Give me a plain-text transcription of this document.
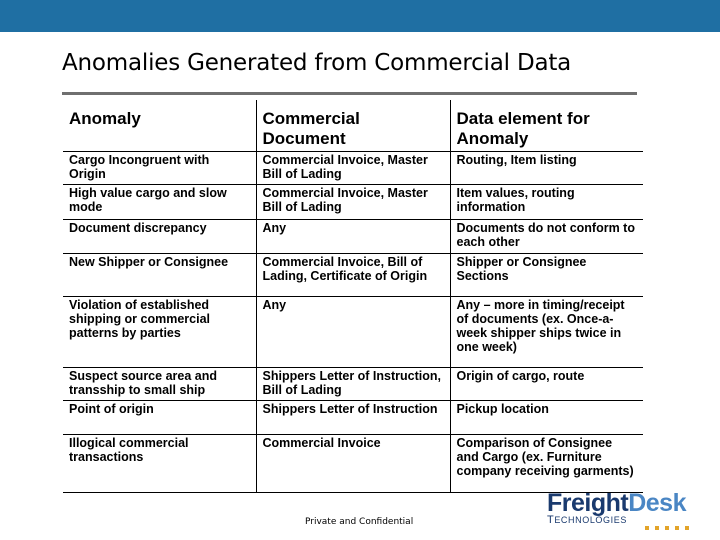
Anomalies Generated from Commercial Data
Anomaly	Commercial Document	Data element for Anomaly
Cargo Incongruent with Origin	Commercial Invoice, Master Bill of Lading	Routing, Item listing
High value cargo and slow mode	Commercial Invoice, Master Bill of Lading	Item values, routing information
Document discrepancy	Any	Documents do not conform to each other
New Shipper or Consignee	Commercial Invoice, Bill of Lading, Certificate of Origin	Shipper or Consignee Sections
Violation of established shipping or commercial patterns by parties	Any	Any – more in timing/receipt of documents (ex. Once-a-week shipper ships twice in one week)
Suspect source area and transship to small ship	Shippers Letter of Instruction, Bill of Lading	Origin of cargo, route
Point of origin	Shippers Letter of Instruction	Pickup location
Illogical commercial transactions	Commercial Invoice	Comparison of Consignee and Cargo (ex. Furniture company receiving garments)
Private and Confidential
FreightDesk
TECHNOLOGIES
